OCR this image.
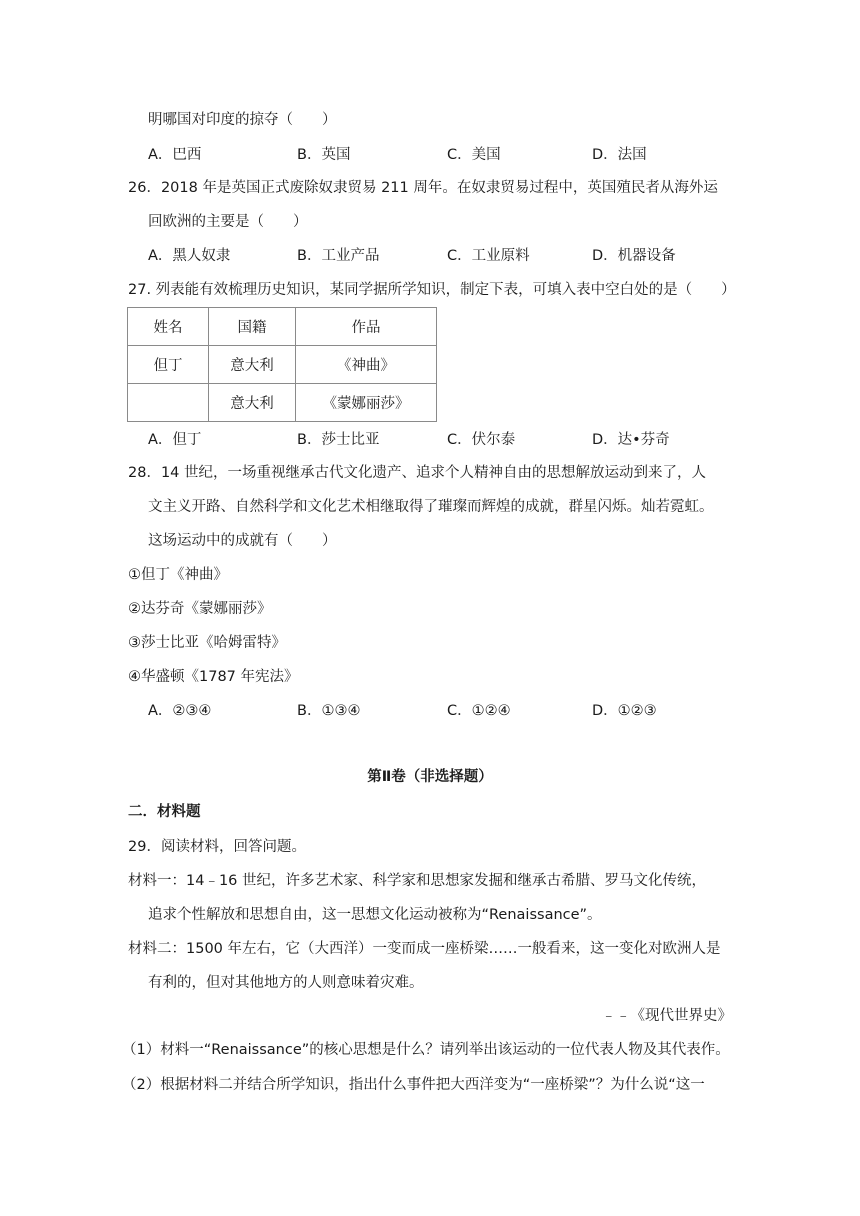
明哪国对印度的掠夺（　　）
A．巴西	B．英国	C．美国	D．法国
26．2018 年是英国正式废除奴隶贸易 211 周年。在奴隶贸易过程中，英国殖民者从海外运
回欧洲的主要是（　　）
A．黑人奴隶	B．工业产品	C．工业原料	D．机器设备
27. 列表能有效梳理历史知识，某同学据所学知识，制定下表，可填入表中空白处的是（　　）
姓名	国籍	作品
但丁	意大利	《神曲》
	意大利	《蒙娜丽莎》
A．但丁	B．莎士比亚	C．伏尔泰	D．达•芬奇
28．14 世纪，一场重视继承古代文化遗产、追求个人精神自由的思想解放运动到来了，人
文主义开路、自然科学和文化艺术相继取得了璀璨而辉煌的成就，群星闪烁。灿若霓虹。
这场运动中的成就有（　　）
①但丁《神曲》
②达芬奇《蒙娜丽莎》
③莎士比亚《哈姆雷特》
④华盛顿《1787 年宪法》
A．②③④	B．①③④	C．①②④	D．①②③
第Ⅱ卷（非选择题）
二．材料题
29．阅读材料，回答问题。
材料一：14﹣16 世纪，许多艺术家、科学家和思想家发掘和继承古希腊、罗马文化传统，
追求个性解放和思想自由，这一思想文化运动被称为“Renaissance”。
材料二：1500 年左右，它（大西洋）一变而成一座桥梁……一般看来，这一变化对欧洲人是
有利的，但对其他地方的人则意味着灾难。
﹣﹣《现代世界史》
（1）材料一“Renaissance”的核心思想是什么？请列举出该运动的一位代表人物及其代表作。
（2）根据材料二并结合所学知识，指出什么事件把大西洋变为“一座桥梁”？为什么说“这一
